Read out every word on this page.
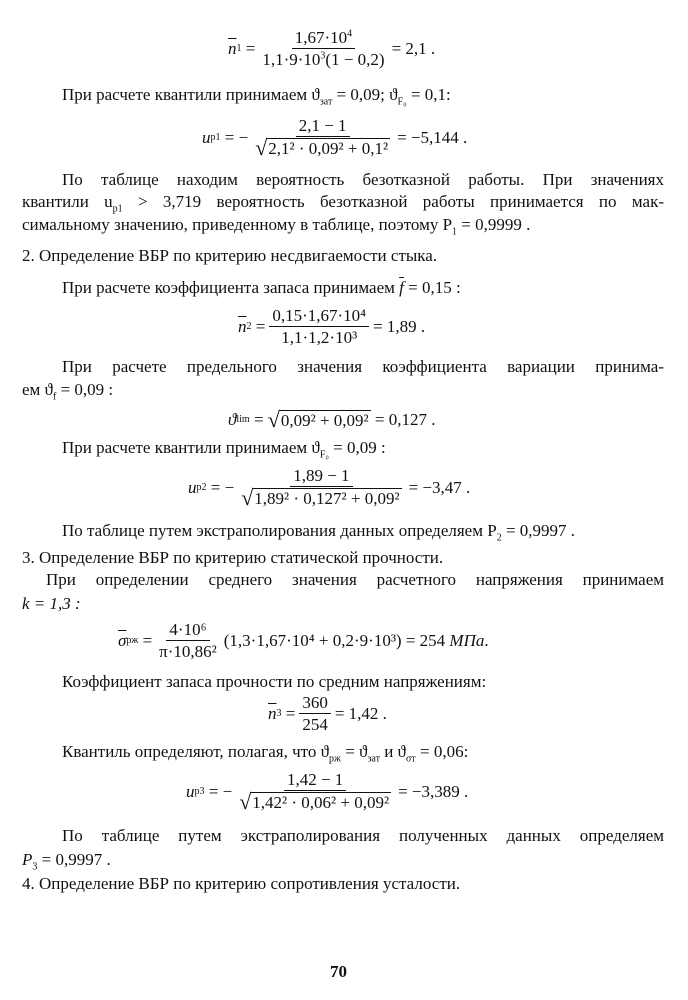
$\overline{n}$ $1 = \frac{1,67\cdot 10^4}{1,1\cdot 9\cdot 10^3(1 - 0,2)} = 2,1$ .
При расчете квантили принимаем $ϑ_{зат} = 0,09$; $ϑ_{F_0} = 0,1$:
u p1
= − $\frac{2,1 - 1}{\text{√ 2,1² · 0,09² + 0,1²}} = -5,144$ .
По таблице находим вероятность безотказной работы. При значениях
квантили $u_{p1} > 3,719$ вероятность безотказной работы принимается по мак-
симальному значению, приведенному в таблице, поэтому $P_1 = 0,9999$ .
2. Определение ВБР по критерию несдвигаемости стыка.
При расчете коэффициента запаса принимаем $\overline{f} = 0,15$ :
$\overline{n}$ $2 = \frac{\text{0,15·1,67·10⁴}}{\text{1,1·1,2·10³}} = 1,89$ .
При расчете предельного значения коэффициента вариации принима-
ем $ϑ_f = 0,09$ :
ϑ lim
=
√ 0,09² + 0,09²
= 0,127 .
При расчете квантили принимаем $ϑ_{F_0} = 0,09$ :
u p2
= − $\frac{1,89 - 1}{\text{√ 1,89² · 0,127² + 0,09²}} = -3,47$ .
По таблице путем экстраполирования данных определяем $P_2 = 0,9997$ .
3. Определение ВБР по критерию статической прочности.
При определении среднего значения расчетного напряжения принимаем
k = 1,3 :
$\overline{\sigma}$ pж
= $\frac{\text{4·10⁶}}{\text{π·10,86²}} (1,3\cdot 1,67\cdot 10^4 + 0,2\cdot 9\cdot 10^3) = 254$
МПа .
Коэффициент запаса прочности по средним напряжениям:
$\overline{n}$ 3
= $\frac{360}{254} = 1,42$ .
Квантиль определяют, полагая, что $ϑ_{pж} = ϑ_{зат}$ и $ϑ_{\sigma т} = 0,06$:
u p3
= − $\frac{1,42 - 1}{\text{√ 1,42² · 0,06² + 0,09²}} = -3,389$ .
По таблице путем экстраполирования полученных данных определяем
$P_3 = 0,9997$ .
4. Определение ВБР по критерию сопротивления усталости.
70
